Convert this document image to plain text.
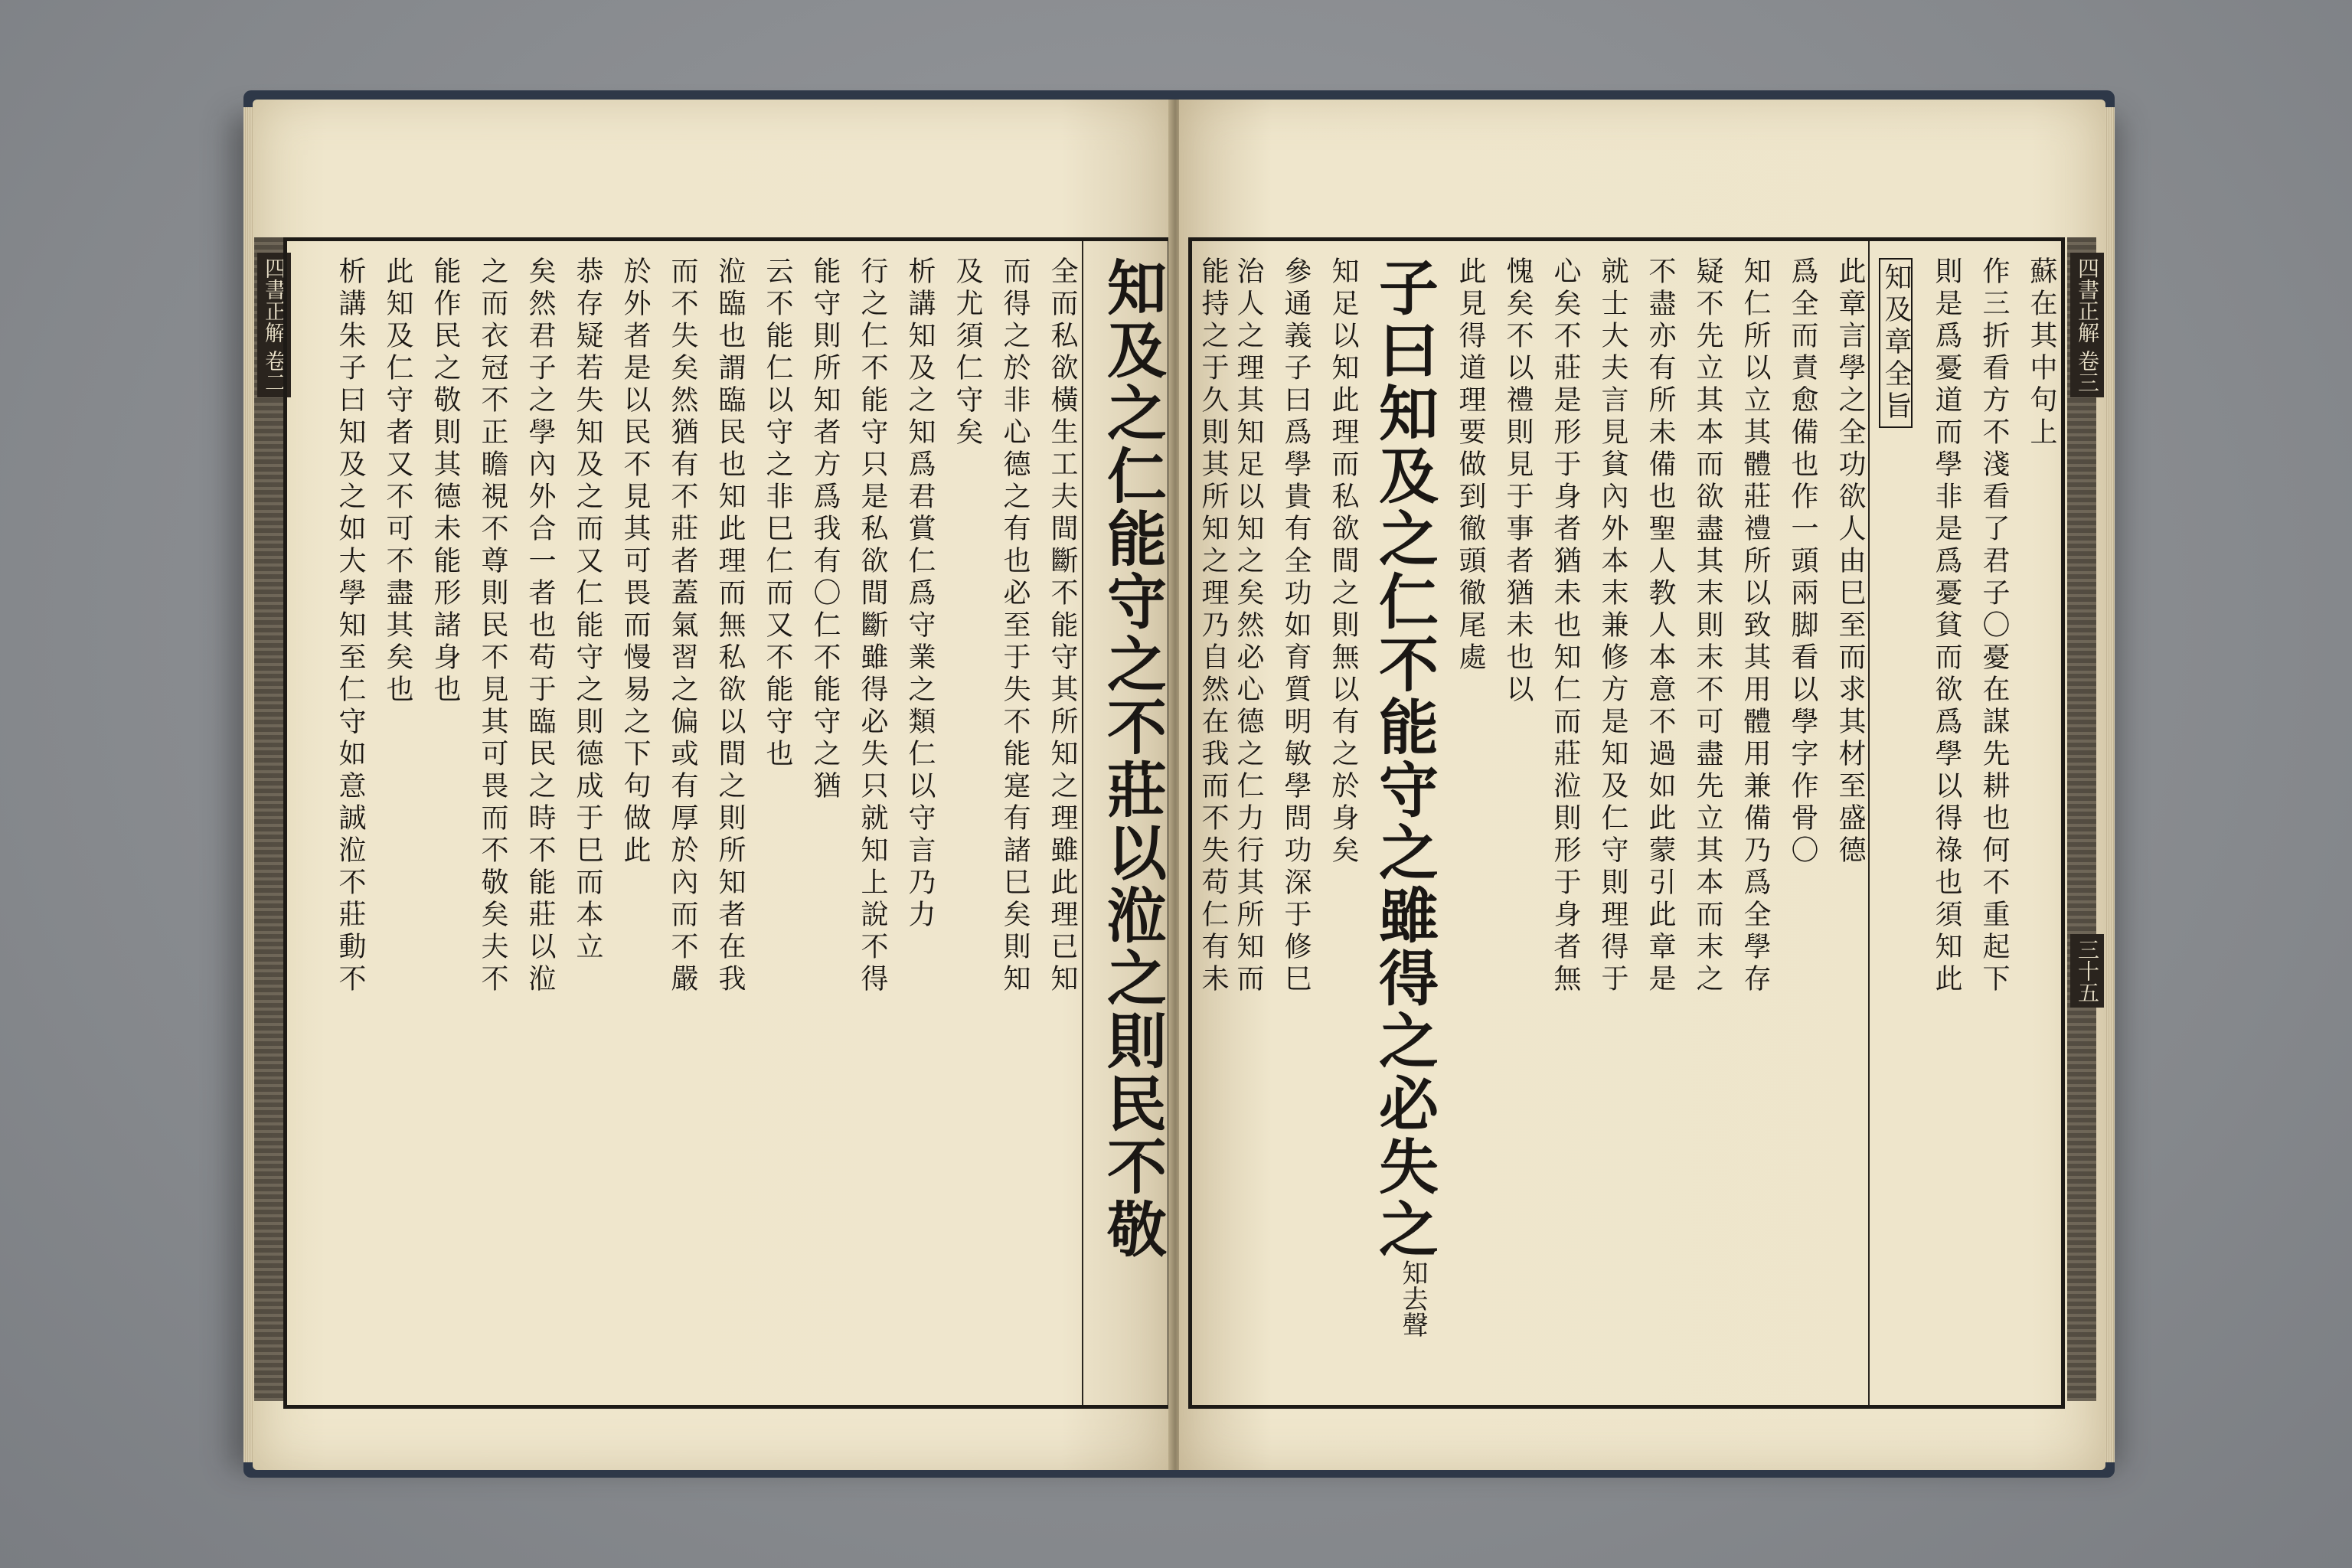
四書正解 卷二	知及之仁能守之不莊以涖之則民不敬
全而私欲橫生工夫間斷不能守其所知之理雖此理已知
而得之於非心德之有也必至于失不能寔有諸巳矣則知
及尤須仁守矣
析講知及之知爲君賞仁爲守業之類仁以守言乃力
行之仁不能守只是私欲間斷雖得必失只就知上說不得
能守則所知者方爲我有〇仁不能守之猶
云不能仁以守之非巳仁而又不能守也
涖臨也謂臨民也知此理而無私欲以間之則所知者在我
而不失矣然猶有不莊者蓋氣習之偏或有厚於內而不嚴
於外者是以民不見其可畏而慢易之下句做此
恭存疑若失知及之而又仁能守之則德成于巳而本立
矣然君子之學內外合一者也苟于臨民之時不能莊以涖
之而衣冠不正瞻視不尊則民不見其可畏而不敬矣夫不
能作民之敬則其德未能形諸身也
此知及仁守者又不可不盡其矣也
析講朱子曰知及之如大學知至仁守如意誠涖不莊動不	四書正解 卷三
三十五
蘇在其中句上
作三折看方不淺看了君子〇憂在謀先耕也何不重起下
則是爲憂道而學非是爲憂貧而欲爲學以得祿也須知此
知及章全旨
此章言學之全功欲人由巳至而求其材至盛德
爲全而責愈備也作一頭兩脚看以學字作骨〇
知仁所以立其體莊禮所以致其用體用兼備乃爲全學存
疑不先立其本而欲盡其末則末不可盡先立其本而末之
不盡亦有所未備也聖人教人本意不過如此蒙引此章是
就士大夫言見貧內外本末兼修方是知及仁守則理得于
心矣不莊是形于身者猶未也知仁而莊涖則形于身者無
愧矣不以禮則見于事者猶未也以
此見得道理要做到徹頭徹尾處
子曰知及之仁不能守之雖得之必失之
知去聲
知足以知此理而私欲間之則無以有之於身矣
參通義子曰爲學貴有全功如育質明敏學問功深于修巳
治人之理其知足以知之矣然必心德之仁力行其所知而
能持之于久則其所知之理乃自然在我而不失苟仁有未
